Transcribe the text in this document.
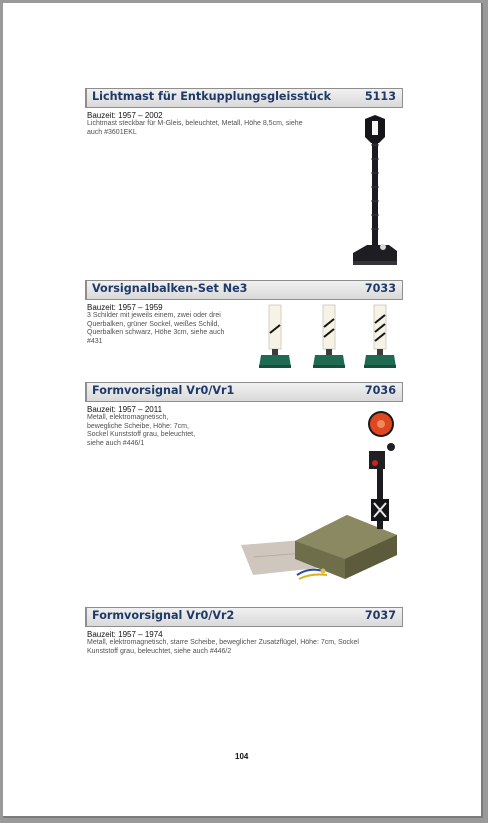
Lichtmast für Entkupplungsgleisstück	5113
Bauzeit: 1957 – 2002
Lichtmast steckbar für M-Gleis, beleuchtet, Metall, Höhe 8,5cm, siehe
auch #3601EKL
Vorsignalbalken-Set Ne3	7033
Bauzeit: 1957 – 1959
3 Schilder mit jeweils einem, zwei oder drei
Querbalken, grüner Sockel, weißes Schild,
Querbalken schwarz, Höhe 3cm, siehe auch
#431
Formvorsignal Vr0/Vr1	7036
Bauzeit: 1957 – 2011
Metall, elektromagnetisch,
bewegliche Scheibe, Höhe: 7cm,
Sockel Kunststoff grau, beleuchtet,
siehe auch #446/1
Formvorsignal Vr0/Vr2	7037
Bauzeit: 1957 – 1974
Metall, elektromagnetisch, starre Scheibe, beweglicher Zusatzflügel, Höhe: 7cm, Sockel
Kunststoff grau, beleuchtet, siehe auch #446/2
104
